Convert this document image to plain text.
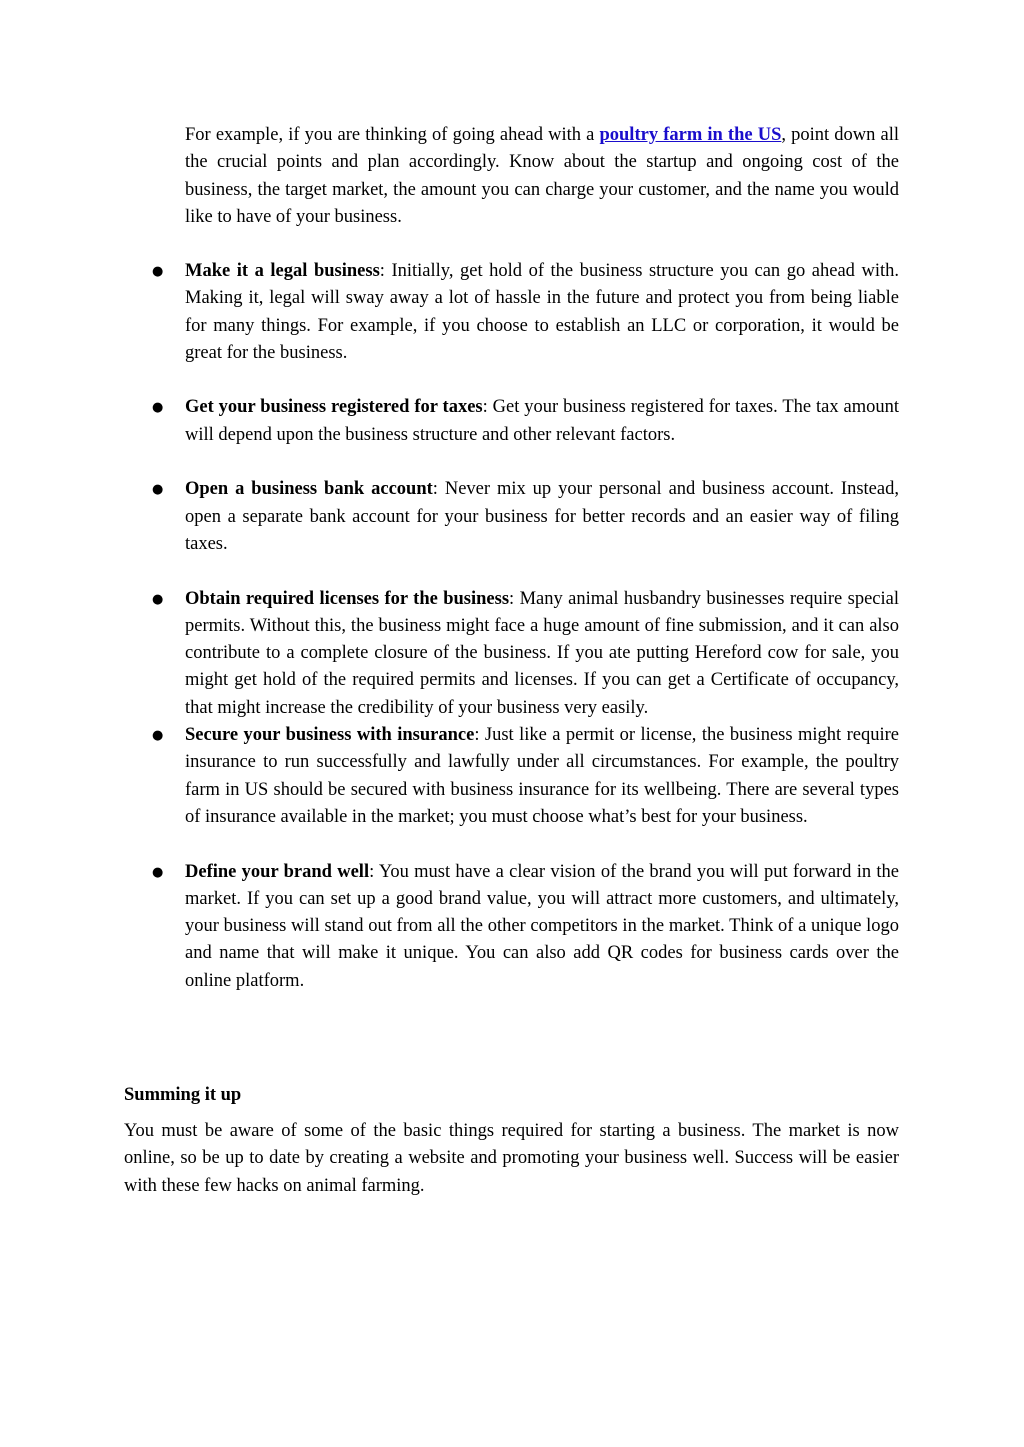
For example, if you are thinking of going ahead with a poultry farm in the US, point down all the crucial points and plan accordingly. Know about the startup and ongoing cost of the business, the target market, the amount you can charge your customer, and the name you would like to have of your business.

● Make it a legal business: Initially, get hold of the business structure you can go ahead with. Making it, legal will sway away a lot of hassle in the future and protect you from being liable for many things. For example, if you choose to establish an LLC or corporation, it would be great for the business.
● Get your business registered for taxes: Get your business registered for taxes. The tax amount will depend upon the business structure and other relevant factors.
● Open a business bank account: Never mix up your personal and business account. Instead, open a separate bank account for your business for better records and an easier way of filing taxes.
● Obtain required licenses for the business: Many animal husbandry businesses require special permits. Without this, the business might face a huge amount of fine submission, and it can also contribute to a complete closure of the business. If you ate putting Hereford cow for sale, you might get hold of the required permits and licenses. If you can get a Certificate of occupancy, that might increase the credibility of your business very easily.
● Secure your business with insurance: Just like a permit or license, the business might require insurance to run successfully and lawfully under all circumstances. For example, the poultry farm in US should be secured with business insurance for its wellbeing. There are several types of insurance available in the market; you must choose what’s best for your business.
● Define your brand well: You must have a clear vision of the brand you will put forward in the market. If you can set up a good brand value, you will attract more customers, and ultimately, your business will stand out from all the other competitors in the market. Think of a unique logo and name that will make it unique. You can also add QR codes for business cards over the online platform.
Summing it up

You must be aware of some of the basic things required for starting a business. The market is now online, so be up to date by creating a website and promoting your business well. Success will be easier with these few hacks on animal farming.
